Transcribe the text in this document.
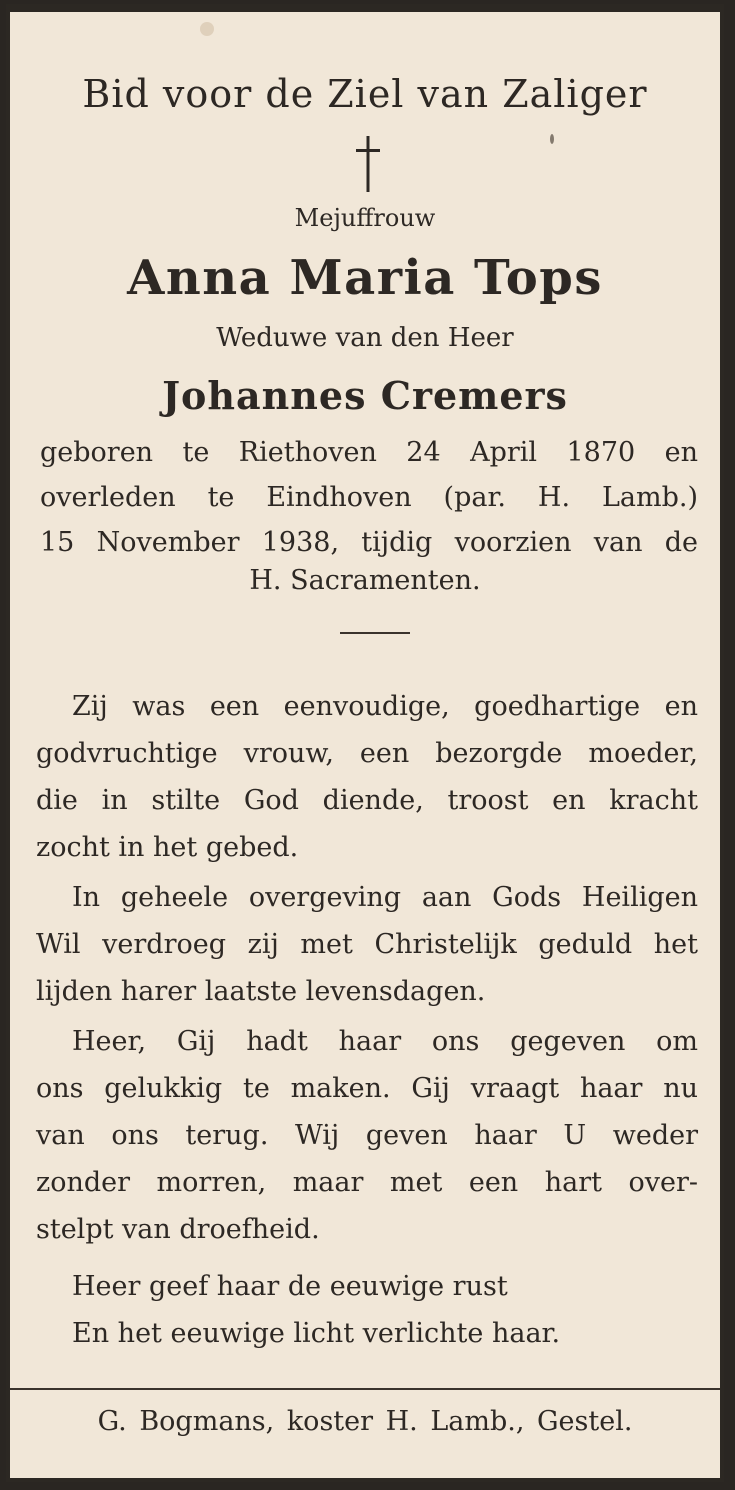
Bid voor de Ziel van Zaliger
Mejuffrouw
Anna Maria Tops
Weduwe van den Heer
Johannes Cremers
geboren te Riethoven 24 April 1870 en
overleden te Eindhoven (par. H. Lamb.)
15 November 1938, tijdig voorzien van de
H. Sacramenten.
Zij was een eenvoudige, goedhartige en
godvruchtige vrouw, een bezorgde moeder,
die in stilte God diende, troost en kracht
zocht in het gebed.
In geheele overgeving aan Gods Heiligen
Wil verdroeg zij met Christelijk geduld het
lijden harer laatste levensdagen.
Heer, Gij hadt haar ons gegeven om
ons gelukkig te maken. Gij vraagt haar nu
van ons terug. Wij geven haar U weder
zonder morren, maar met een hart over-
stelpt van droefheid.
Heer geef haar de eeuwige rust
En het eeuwige licht verlichte haar.
G. Bogmans, koster H. Lamb., Gestel.
